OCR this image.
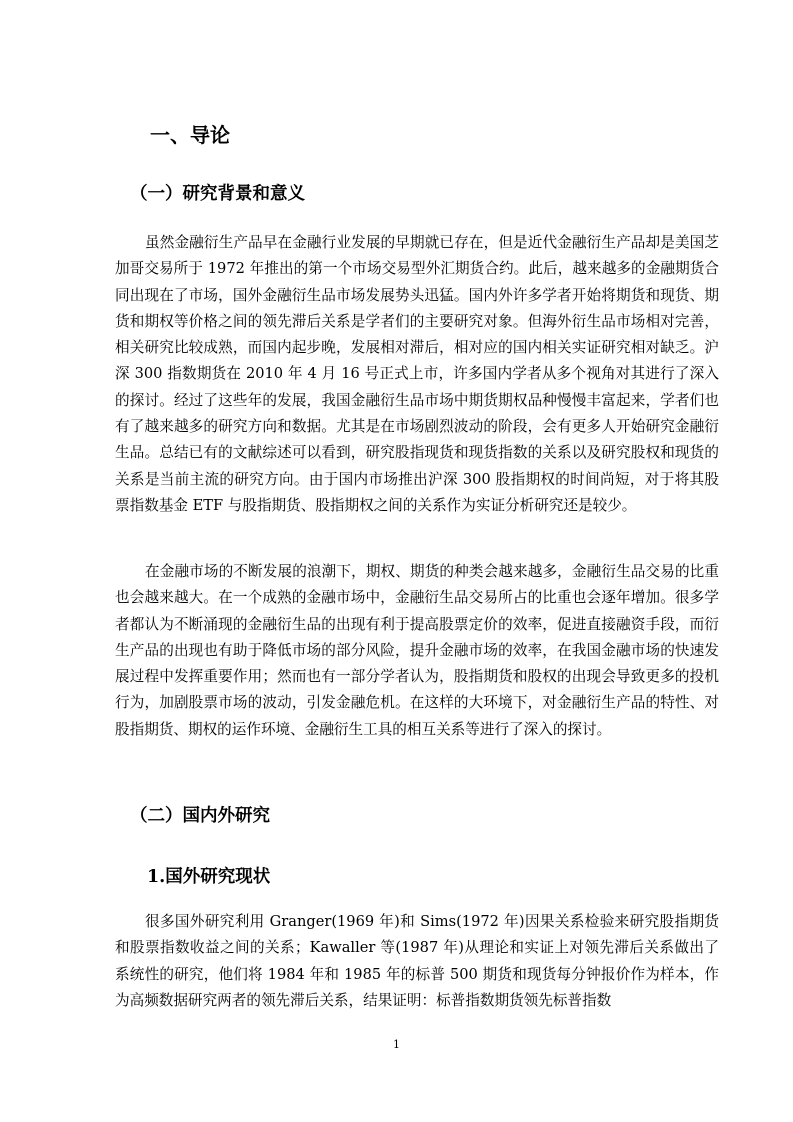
一、导论
（一）研究背景和意义

虽然金融衍生产品早在金融行业发展的早期就已存在，但是近代金融衍生产品却是美国芝加哥交易所于 1972 年推出的第一个市场交易型外汇期货合约。此后，越来越多的金融期货合同出现在了市场，国外金融衍生品市场发展势头迅猛。国内外许多学者开始将期货和现货、期货和期权等价格之间的领先滞后关系是学者们的主要研究对象。但海外衍生品市场相对完善，相关研究比较成熟，而国内起步晚，发展相对滞后，相对应的国内相关实证研究相对缺乏。沪深 300 指数期货在 2010 年 4 月 16 号正式上市，许多国内学者从多个视角对其进行了深入的探讨。经过了这些年的发展，我国金融衍生品市场中期货期权品种慢慢丰富起来，学者们也有了越来越多的研究方向和数据。尤其是在市场剧烈波动的阶段，会有更多人开始研究金融衍生品。总结已有的文献综述可以看到，研究股指现货和现货指数的关系以及研究股权和现货的关系是当前主流的研究方向。由于国内市场推出沪深 300 股指期权的时间尚短，对于将其股票指数基金 ETF 与股指期货、股指期权之间的关系作为实证分析研究还是较少。

在金融市场的不断发展的浪潮下，期权、期货的种类会越来越多，金融衍生品交易的比重也会越来越大。在一个成熟的金融市场中，金融衍生品交易所占的比重也会逐年增加。很多学者都认为不断涌现的金融衍生品的出现有利于提高股票定价的效率，促进直接融资手段，而衍生产品的出现也有助于降低市场的部分风险，提升金融市场的效率，在我国金融市场的快速发展过程中发挥重要作用；然而也有一部分学者认为，股指期货和股权的出现会导致更多的投机行为，加剧股票市场的波动，引发金融危机。在这样的大环境下，对金融衍生产品的特性、对股指期货、期权的运作环境、金融衍生工具的相互关系等进行了深入的探讨。

（二）国内外研究
1.国外研究现状

很多国外研究利用 Granger(1969 年)和 Sims(1972 年)因果关系检验来研究股指期货和股票指数收益之间的关系；Kawaller 等(1987 年)从理论和实证上对领先滞后关系做出了系统性的研究，他们将 1984 年和 1985 年的标普 500 期货和现货每分钟报价作为样本，作为高频数据研究两者的领先滞后关系，结果证明：标普指数期货领先标普指数

1
